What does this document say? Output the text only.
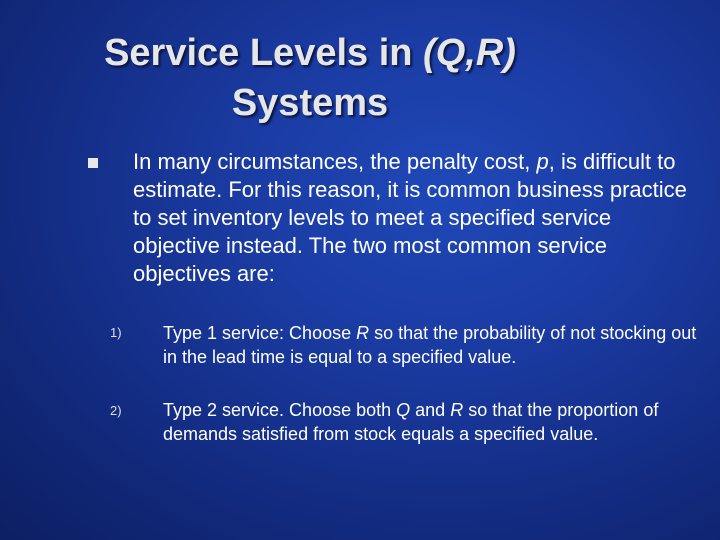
Service Levels in (Q,R)
Systems
In many circumstances, the penalty cost, p, is difficult to estimate. For this reason, it is common business practice to set inventory levels to meet a specified service objective instead. The two most common service objectives are:
1) Type 1 service: Choose R so that the probability of not stocking out in the lead time is equal to a specified value.
2) Type 2 service. Choose both Q and R so that the proportion of demands satisfied from stock equals a specified value.
